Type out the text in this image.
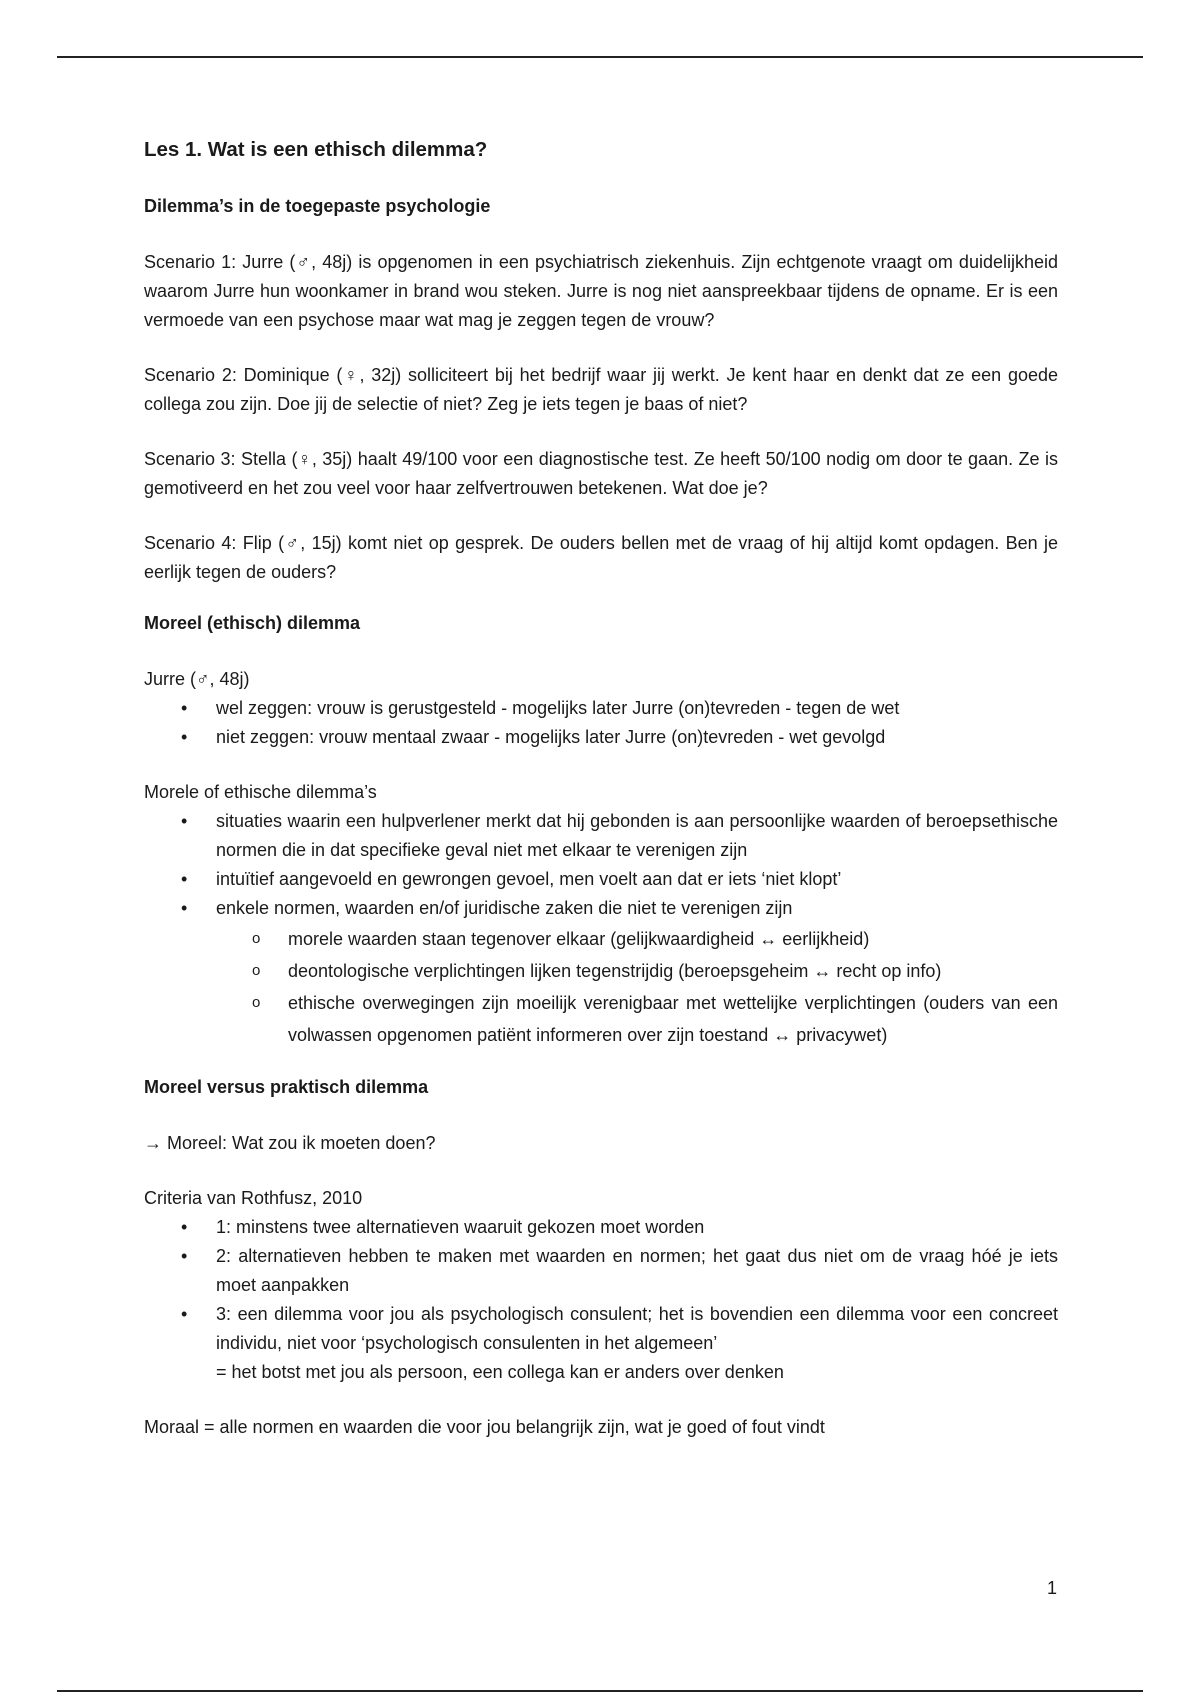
Les 1. Wat is een ethisch dilemma?
Dilemma’s in de toegepaste psychologie

Scenario 1: Jurre (♂, 48j) is opgenomen in een psychiatrisch ziekenhuis. Zijn echtgenote vraagt om duidelijkheid waarom Jurre hun woonkamer in brand wou steken. Jurre is nog niet aanspreekbaar tijdens de opname. Er is een vermoede van een psychose maar wat mag je zeggen tegen de vrouw?

Scenario 2: Dominique (♀, 32j) solliciteert bij het bedrijf waar jij werkt. Je kent haar en denkt dat ze een goede collega zou zijn. Doe jij de selectie of niet? Zeg je iets tegen je baas of niet?

Scenario 3: Stella (♀, 35j) haalt 49/100 voor een diagnostische test. Ze heeft 50/100 nodig om door te gaan. Ze is gemotiveerd en het zou veel voor haar zelfvertrouwen betekenen. Wat doe je?

Scenario 4: Flip (♂, 15j) komt niet op gesprek. De ouders bellen met de vraag of hij altijd komt opdagen. Ben je eerlijk tegen de ouders?

Moreel (ethisch) dilemma

Jurre (♂, 48j)

• wel zeggen: vrouw is gerustgesteld - mogelijks later Jurre (on)tevreden - tegen de wet
• niet zeggen: vrouw mentaal zwaar - mogelijks later Jurre (on)tevreden - wet gevolgd

Morele of ethische dilemma’s

• situaties waarin een hulpverlener merkt dat hij gebonden is aan persoonlijke waarden of beroepsethische normen die in dat specifieke geval niet met elkaar te verenigen zijn
• intuïtief aangevoeld en gewrongen gevoel, men voelt aan dat er iets ‘niet klopt’
• enkele normen, waarden en/of juridische zaken die niet te verenigen zijn
o morele waarden staan tegenover elkaar (gelijkwaardigheid ↔ eerlijkheid)
o deontologische verplichtingen lijken tegenstrijdig (beroepsgeheim ↔ recht op info)
o ethische overwegingen zijn moeilijk verenigbaar met wettelijke verplichtingen (ouders van een volwassen opgenomen patiënt informeren over zijn toestand ↔ privacywet)
Moreel versus praktisch dilemma

→ Moreel: Wat zou ik moeten doen?

Criteria van Rothfusz, 2010

• 1: minstens twee alternatieven waaruit gekozen moet worden
• 2: alternatieven hebben te maken met waarden en normen; het gaat dus niet om de vraag hóé je iets moet aanpakken
• 3: een dilemma voor jou als psychologisch consulent; het is bovendien een dilemma voor een concreet individu, niet voor ‘psychologisch consulenten in het algemeen’
= het botst met jou als persoon, een collega kan er anders over denken

Moraal = alle normen en waarden die voor jou belangrijk zijn, wat je goed of fout vindt

1
